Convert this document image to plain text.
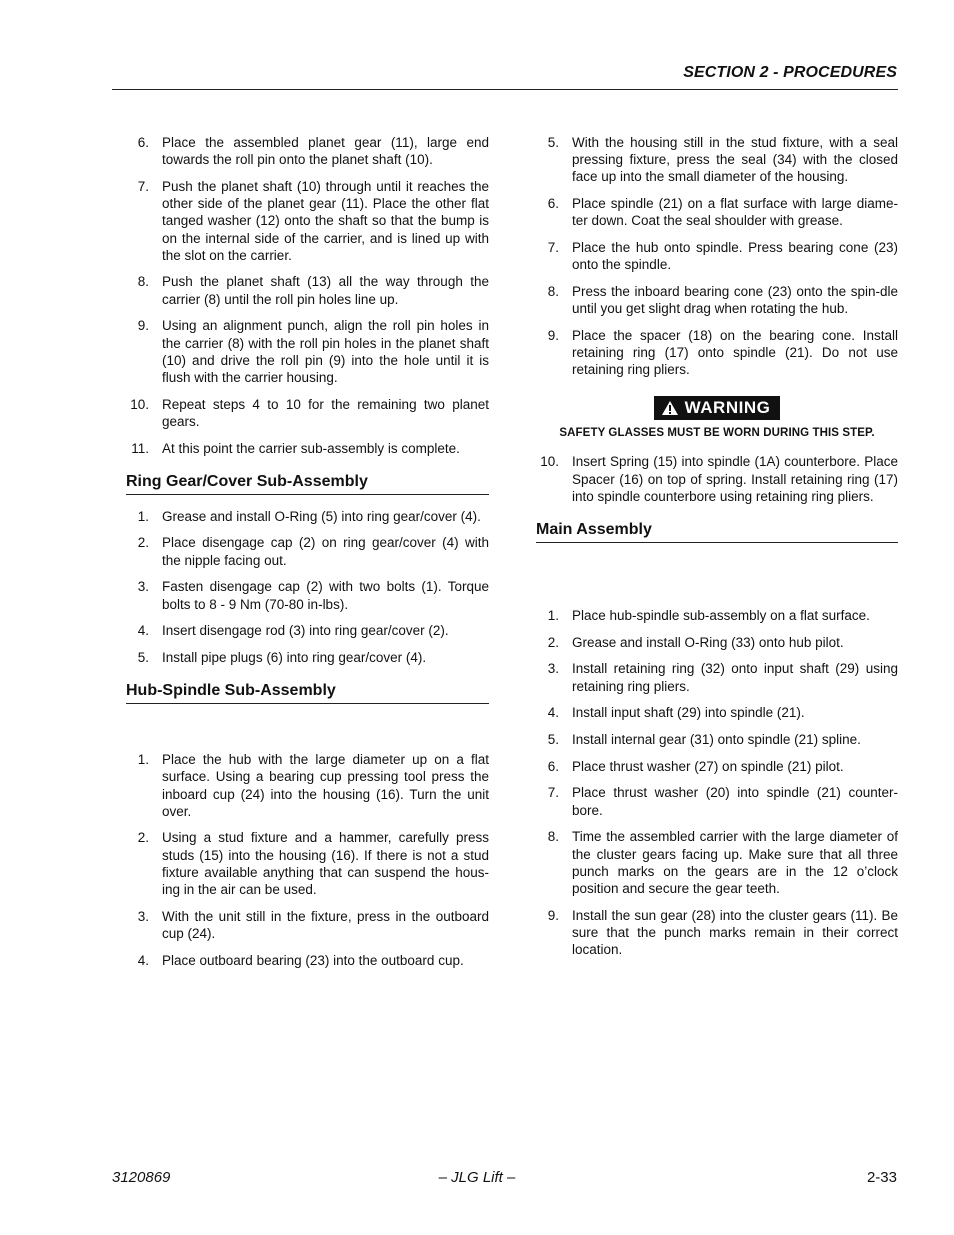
SECTION 2 - PROCEDURES
6. Place the assembled planet gear (11), large end towards the roll pin onto the planet shaft (10).
7. Push the planet shaft (10) through until it reaches the other side of the planet gear (11). Place the other flat tanged washer (12) onto the shaft so that the bump is on the internal side of the carrier, and is lined up with the slot on the carrier.
8. Push the planet shaft (13) all the way through the carrier (8) until the roll pin holes line up.
9. Using an alignment punch, align the roll pin holes in the carrier (8) with the roll pin holes in the planet shaft (10) and drive the roll pin (9) into the hole until it is flush with the carrier housing.
10. Repeat steps 4 to 10 for the remaining two planet gears.
11. At this point the carrier sub-assembly is complete.
Ring Gear/Cover Sub-Assembly
1. Grease and install O-Ring (5) into ring gear/cover (4).
2. Place disengage cap (2) on ring gear/cover (4) with the nipple facing out.
3. Fasten disengage cap (2) with two bolts (1). Torque bolts to 8 - 9 Nm (70-80 in-lbs).
4. Insert disengage rod (3) into ring gear/cover (2).
5. Install pipe plugs (6) into ring gear/cover (4).
Hub-Spindle Sub-Assembly
1. Place the hub with the large diameter up on a flat surface. Using a bearing cup pressing tool press the inboard cup (24) into the housing (16). Turn the unit over.
2. Using a stud fixture and a hammer, carefully press studs (15) into the housing (16). If there is not a stud fixture available anything that can suspend the hous-ing in the air can be used.
3. With the unit still in the fixture, press in the outboard cup (24).
4. Place outboard bearing (23) into the outboard cup.
5. With the housing still in the stud fixture, with a seal pressing fixture, press the seal (34) with the closed face up into the small diameter of the housing.
6. Place spindle (21) on a flat surface with large diame-ter down. Coat the seal shoulder with grease.
7. Place the hub onto spindle. Press bearing cone (23) onto the spindle.
8. Press the inboard bearing cone (23) onto the spin-dle until you get slight drag when rotating the hub.
9. Place the spacer (18) on the bearing cone. Install retaining ring (17) onto spindle (21). Do not use retaining ring pliers.
WARNING
SAFETY GLASSES MUST BE WORN DURING THIS STEP.
10. Insert Spring (15) into spindle (1A) counterbore. Place Spacer (16) on top of spring. Install retaining ring (17) into spindle counterbore using retaining ring pliers.
Main Assembly
1. Place hub-spindle sub-assembly on a flat surface.
2. Grease and install O-Ring (33) onto hub pilot.
3. Install retaining ring (32) onto input shaft (29) using retaining ring pliers.
4. Install input shaft (29) into spindle (21).
5. Install internal gear (31) onto spindle (21) spline.
6. Place thrust washer (27) on spindle (21) pilot.
7. Place thrust washer (20) into spindle (21) counter-bore.
8. Time the assembled carrier with the large diameter of the cluster gears facing up. Make sure that all three punch marks on the gears are in the 12 o’clock position and secure the gear teeth.
9. Install the sun gear (28) into the cluster gears (11). Be sure that the punch marks remain in their correct location.
3120869	– JLG Lift –	2-33
